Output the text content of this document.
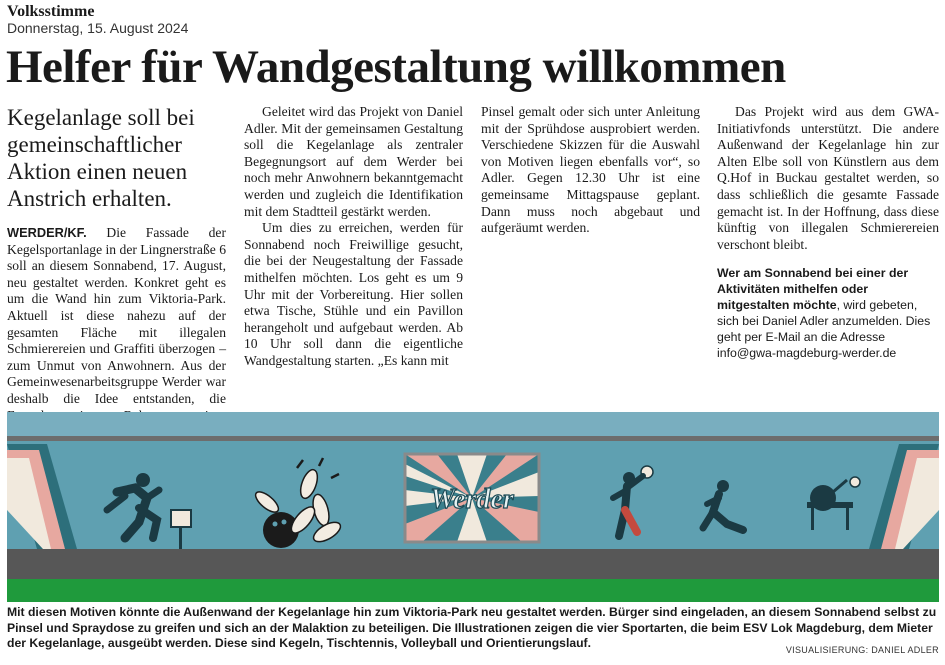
Volksstimme
Donnerstag, 15. August 2024
Helfer für Wandgestaltung willkommen
Kegelanlage soll bei gemeinschaftlicher Aktion einen neuen Anstrich erhalten.

WERDER/KF. Die Fassade der Kegelsportanlage in der Lingnerstraße 6 soll an diesem Sonnabend, 17. August, neu gestaltet werden. Konkret geht es um die Wand hin zum Viktoria-Park. Aktuell ist diese nahezu auf der gesamten Fläche mit illegalen Schmierereien und Graffiti überzogen – zum Unmut von Anwohnern. Aus der Gemeinwesenarbeitsgruppe Werder war deshalb die Idee entstanden, die

Geleitet wird das Projekt von Daniel Adler. Mit der gemeinsamen Gestaltung soll die Kegelanlage als zentraler Begegnungsort auf dem Werder bei noch mehr Anwohnern bekanntgemacht werden und zugleich die Identifikation mit dem Stadtteil gestärkt werden.

Um dies zu erreichen, werden für Sonnabend noch Freiwillige gesucht, die bei der Neugestaltung der Fassade mithelfen möchten. Los geht es um 9 Uhr mit der Vorbereitung. Hier sollen etwa Tische, Stühle und ein Pavillon herangeholt und aufgebaut werden. Ab 10 Uhr soll dann die eigentliche Wandgestaltung starten. „Es kann mit

Pinsel gemalt oder sich unter Anleitung mit der Sprühdose ausprobiert werden. Verschiedene Skizzen für die Auswahl von Motiven liegen ebenfalls vor“, so Adler. Gegen 12.30 Uhr ist eine gemeinsame Mittagspause geplant. Dann muss noch abgebaut und aufgeräumt werden.

Das Projekt wird aus dem GWA-Initiativfonds unterstützt. Die andere Außenwand der Kegelanlage hin zur Alten Elbe soll von Künstlern aus dem Q.Hof in Buckau gestaltet werden, so dass schließlich die gesamte Fassade gemacht ist. In der Hoffnung, dass diese künftig von illegalen Schmierereien verschont bleibt.

Wer am Sonnabend bei einer der Aktivitäten mithelfen oder mitgestalten möchte, wird gebeten, sich bei Daniel Adler anzumelden. Dies geht per E-Mail an die Adresse info@gwa-magdeburg-werder.de

Werder
Mit diesen Motiven könnte die Außenwand der Kegelanlage hin zum Viktoria-Park neu gestaltet werden. Bürger sind eingeladen, an diesem Sonnabend selbst zu Pinsel und Spraydose zu greifen und sich an der Malaktion zu beteiligen. Die Illustrationen zeigen die vier Sportarten, die beim ESV Lok Magdeburg, dem Mieter der Kegelanlage, ausgeübt werden. Diese sind Kegeln, Tischtennis, Volleyball und Orientierungslauf.	VISUALISIERUNG: DANIEL ADLER
